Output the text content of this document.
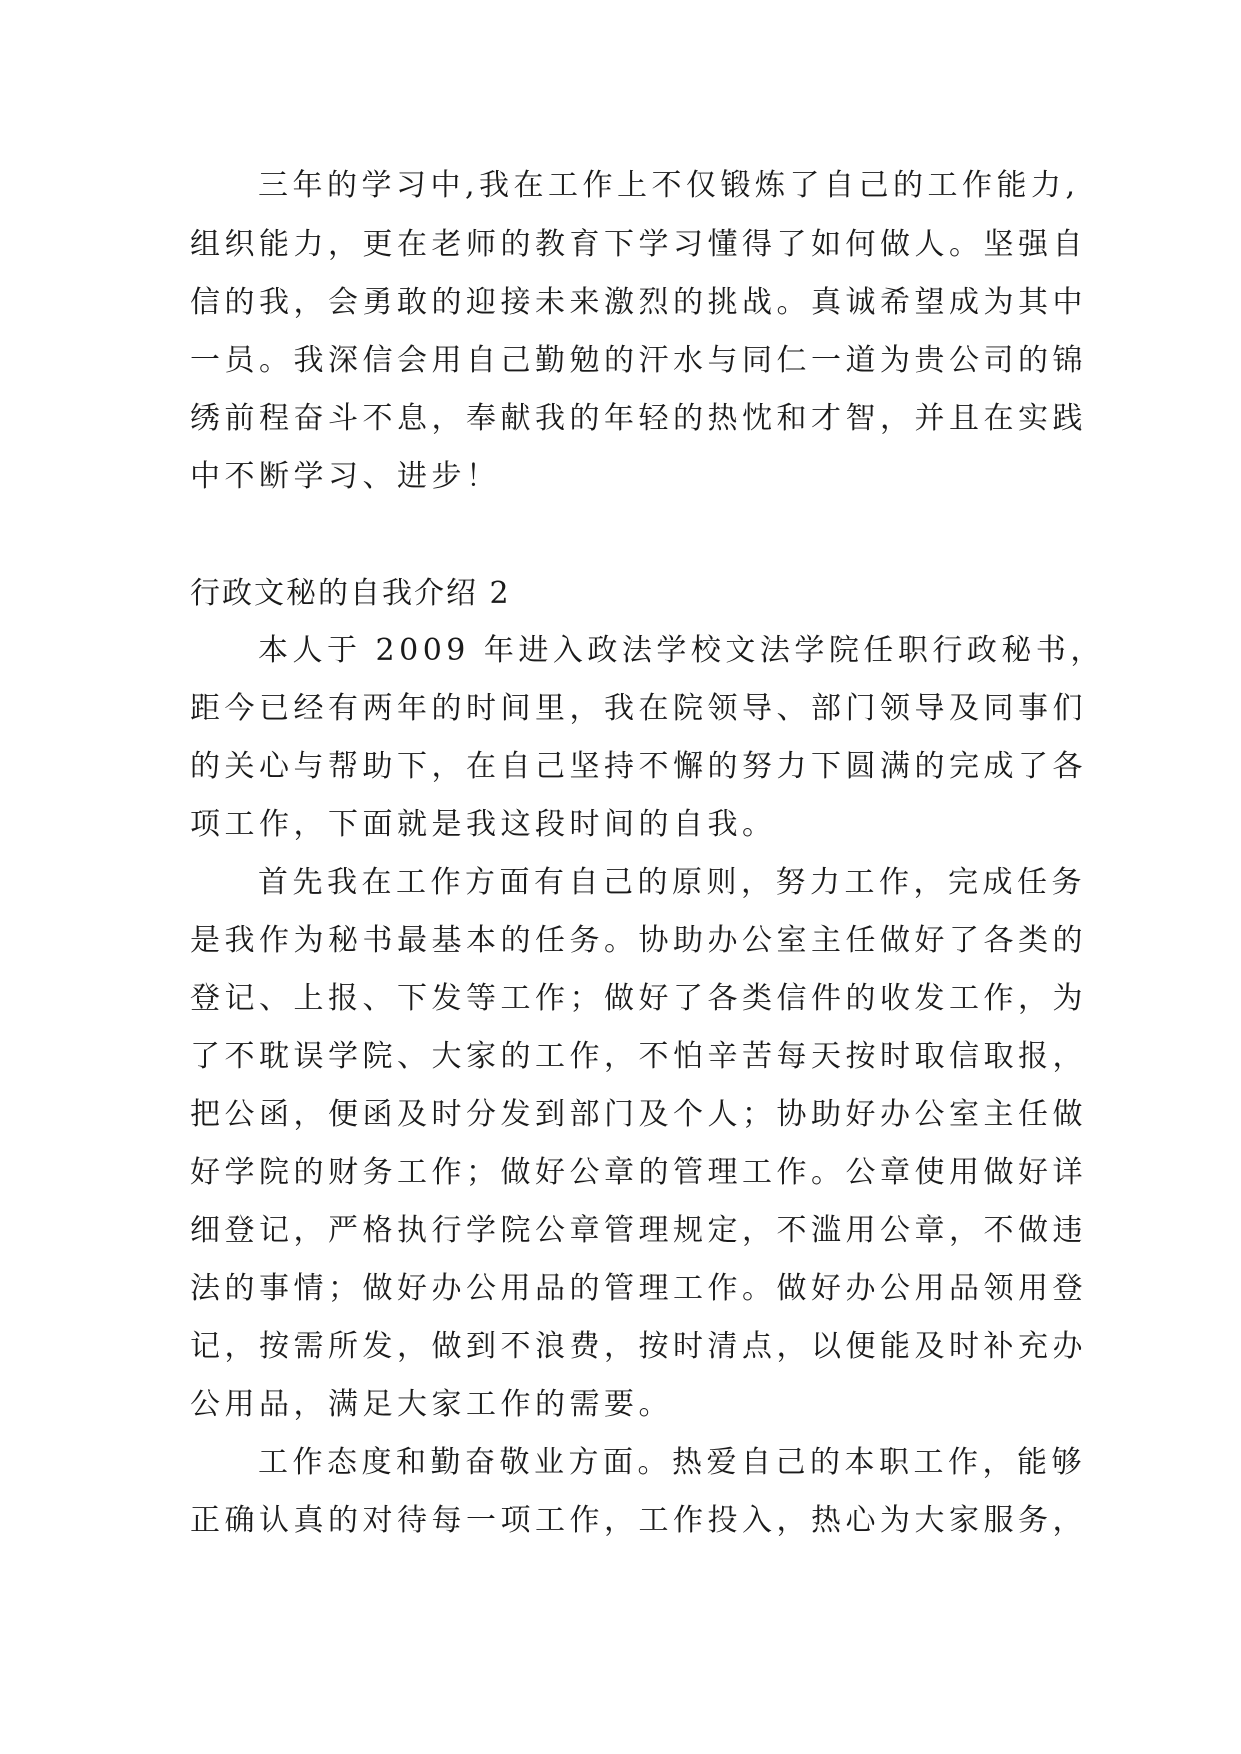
三年的学习中,我在工作上不仅锻炼了自己的工作能力,
组织能力，更在老师的教育下学习懂得了如何做人。坚强自
信的我，会勇敢的迎接未来激烈的挑战。真诚希望成为其中
一员。我深信会用自己勤勉的汗水与同仁一道为贵公司的锦
绣前程奋斗不息，奉献我的年轻的热忱和才智，并且在实践
中不断学习、进步！
行政文秘的自我介绍 2
本人于 2009 年进入政法学校文法学院任职行政秘书，
距今已经有两年的时间里，我在院领导、部门领导及同事们
的关心与帮助下，在自己坚持不懈的努力下圆满的完成了各
项工作，下面就是我这段时间的自我。
首先我在工作方面有自己的原则，努力工作，完成任务
是我作为秘书最基本的任务。协助办公室主任做好了各类的
登记、上报、下发等工作；做好了各类信件的收发工作，为
了不耽误学院、大家的工作，不怕辛苦每天按时取信取报，
把公函，便函及时分发到部门及个人；协助好办公室主任做
好学院的财务工作；做好公章的管理工作。公章使用做好详
细登记，严格执行学院公章管理规定，不滥用公章，不做违
法的事情；做好办公用品的管理工作。做好办公用品领用登
记，按需所发，做到不浪费，按时清点，以便能及时补充办
公用品，满足大家工作的需要。
工作态度和勤奋敬业方面。热爱自己的本职工作，能够
正确认真的对待每一项工作，工作投入，热心为大家服务，
